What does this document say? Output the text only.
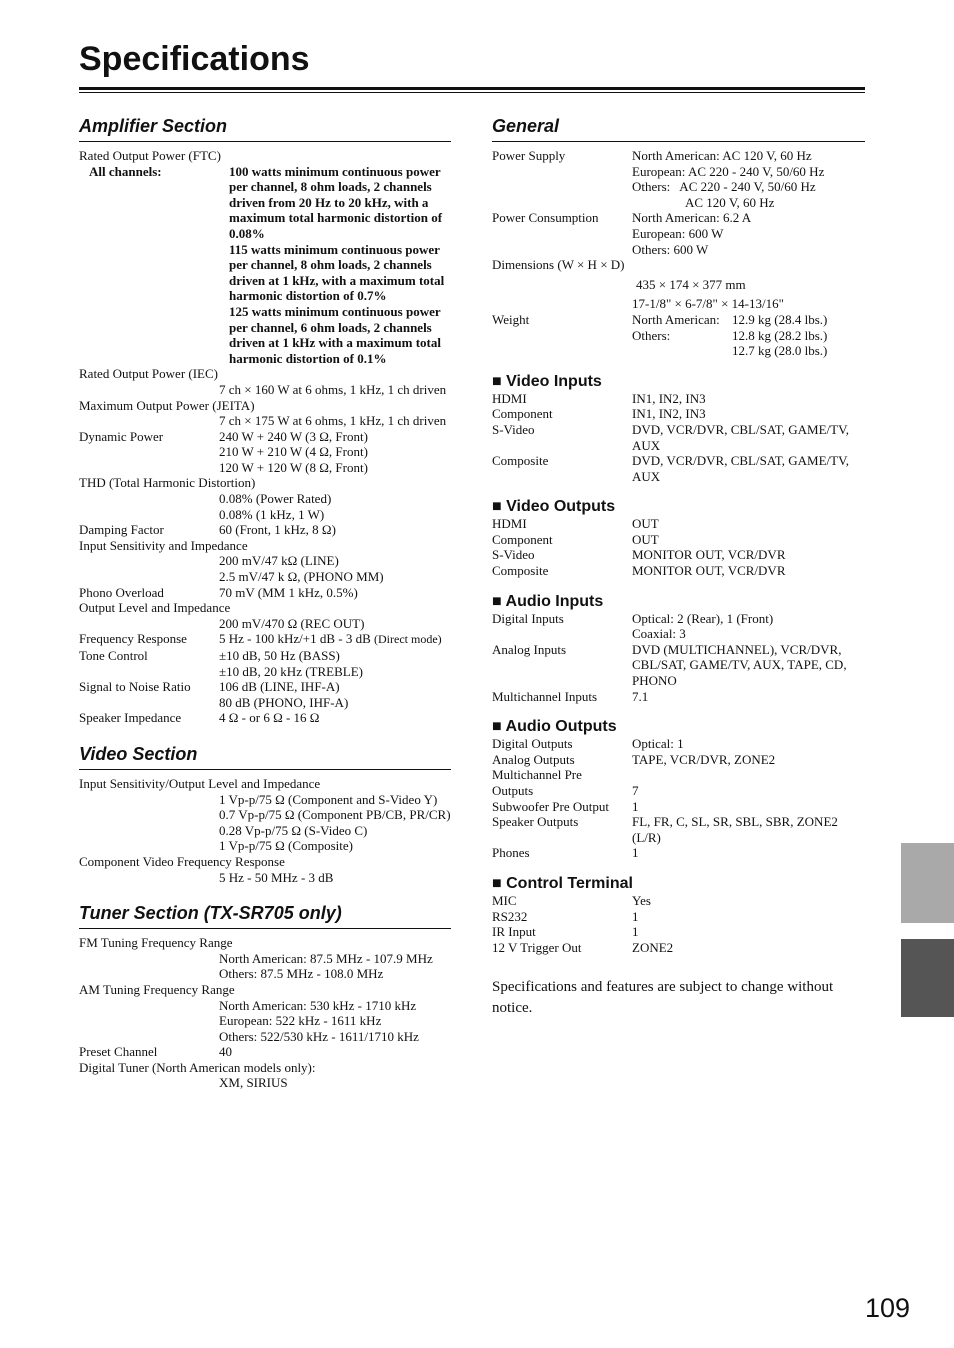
Specifications
Amplifier Section
Rated Output Power (FTC)
All channels:	100 watts minimum continuous power per channel, 8 ohm loads, 2 channels driven from 20 Hz to 20 kHz, with a maximum total harmonic distortion of 0.08%
115 watts minimum continuous power per channel, 8 ohm loads, 2 channels driven at 1 kHz, with a maximum total harmonic distortion of 0.7%
125 watts minimum continuous power per channel, 6 ohm loads, 2 channels driven at 1 kHz with a maximum total harmonic distortion of 0.1%
Rated Output Power (IEC)
7 ch × 160 W at 6 ohms, 1 kHz, 1 ch driven
Maximum Output Power (JEITA)
7 ch × 175 W at 6 ohms, 1 kHz, 1 ch driven
Dynamic Power	240 W + 240 W (3 Ω, Front)
210 W + 210 W (4 Ω, Front)
120 W + 120 W (8 Ω, Front)
THD (Total Harmonic Distortion)
0.08% (Power Rated)
0.08% (1 kHz, 1 W)
Damping Factor	60 (Front, 1 kHz, 8 Ω)
Input Sensitivity and Impedance
200 mV/47 kΩ (LINE)
2.5 mV/47 k Ω, (PHONO MM)
Phono Overload	70 mV (MM 1 kHz, 0.5%)
Output Level and Impedance
200 mV/470 Ω (REC OUT)
Frequency Response	5 Hz - 100 kHz/+1 dB - 3 dB (Direct mode)
Tone Control	±10 dB, 50 Hz (BASS)
±10 dB, 20 kHz (TREBLE)
Signal to Noise Ratio	106 dB (LINE, IHF-A)
80 dB (PHONO, IHF-A)
Speaker Impedance	4 Ω - or 6 Ω - 16 Ω
Video Section
Input Sensitivity/Output Level and Impedance
1 Vp-p/75 Ω (Component and S-Video Y)
0.7 Vp-p/75 Ω (Component PB/CB, PR/CR)
0.28 Vp-p/75 Ω (S-Video C)
1 Vp-p/75 Ω (Composite)
Component Video Frequency Response
5 Hz - 50 MHz - 3 dB
Tuner Section (TX-SR705 only)
FM Tuning Frequency Range
North American: 87.5 MHz - 107.9 MHz
Others: 87.5 MHz - 108.0 MHz
AM Tuning Frequency Range
North American: 530 kHz - 1710 kHz
European: 522 kHz - 1611 kHz
Others: 522/530 kHz - 1611/1710 kHz
Preset Channel	40
Digital Tuner (North American models only):
XM, SIRIUS
General
Power Supply	North American: AC 120 V, 60 Hz
European: AC 220 - 240 V, 50/60 Hz
Others:   AC 220 - 240 V, 50/60 Hz
AC 120 V, 60 Hz
Power Consumption	North American: 6.2 A
European: 600 W
Others: 600 W
Dimensions (W × H × D)
435 × 174 × 377 mm
17-1/8" × 6-7/8" × 14-13/16"
Weight	North American: 12.9 kg (28.4 lbs.)
Others:	12.8 kg (28.2 lbs.)
12.7 kg (28.0 lbs.)
■ Video Inputs
HDMI	IN1, IN2, IN3
Component	IN1, IN2, IN3
S-Video	DVD, VCR/DVR, CBL/SAT, GAME/TV, AUX
Composite	DVD, VCR/DVR, CBL/SAT, GAME/TV, AUX
■ Video Outputs
HDMI	OUT
Component	OUT
S-Video	MONITOR OUT, VCR/DVR
Composite	MONITOR OUT, VCR/DVR
■ Audio Inputs
Digital Inputs	Optical: 2 (Rear), 1 (Front)
Coaxial: 3
Analog Inputs	DVD (MULTICHANNEL), VCR/DVR, CBL/SAT, GAME/TV, AUX, TAPE, CD, PHONO
Multichannel Inputs	7.1
■ Audio Outputs
Digital Outputs	Optical: 1
Analog Outputs	TAPE, VCR/DVR, ZONE2
Multichannel Pre
Outputs	7
Subwoofer Pre Output	1
Speaker Outputs	FL, FR, C, SL, SR, SBL, SBR, ZONE2 (L/R)
Phones	1
■ Control Terminal
MIC	Yes
RS232	1
IR Input	1
12 V Trigger Out	ZONE2
Specifications and features are subject to change without notice.
109
